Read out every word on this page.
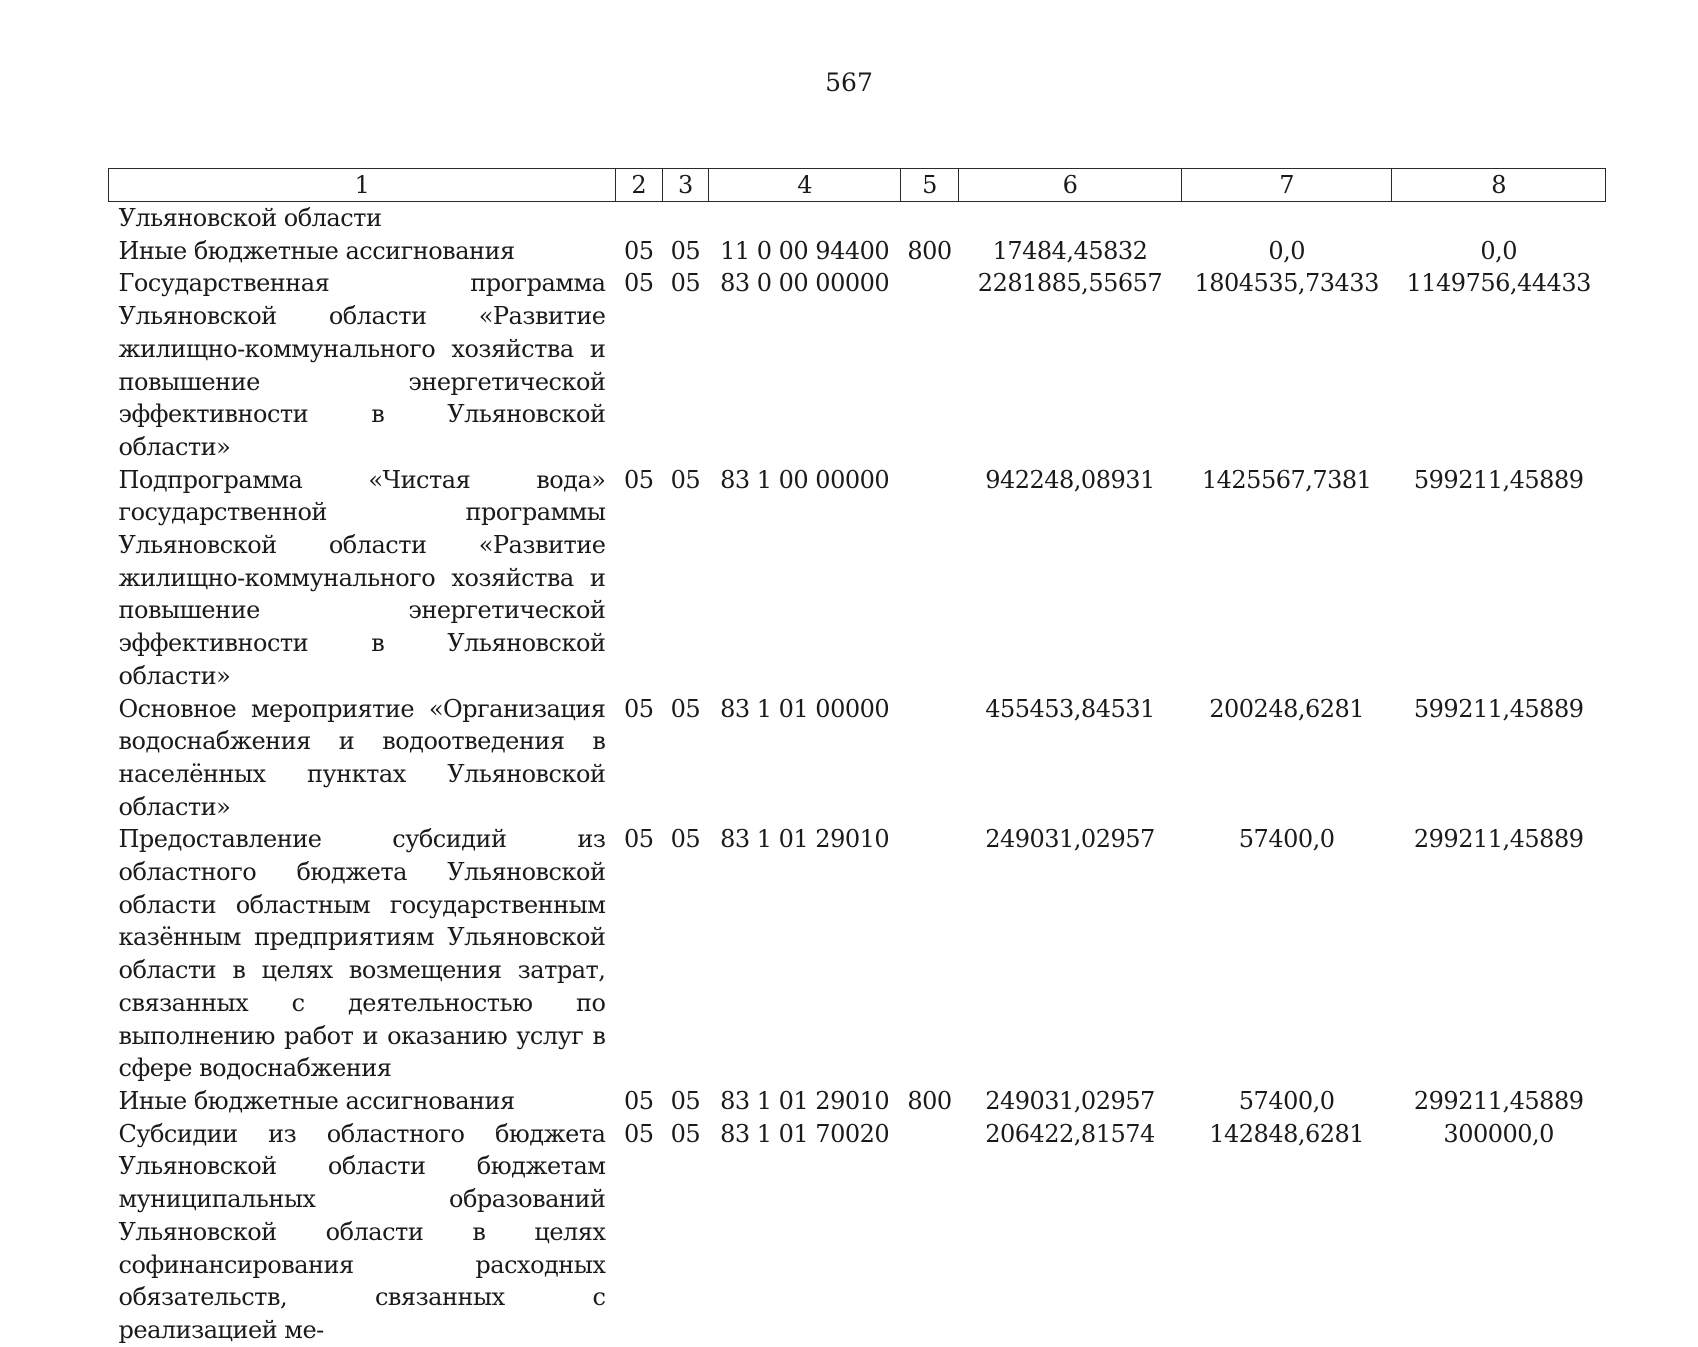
567
1	2	3	4	5	6	7	8
Ульяновской области							
Иные бюджетные ассигнования	05	05	11 0 00 94400	800	17484,45832	0,0	0,0
Государственная программа Ульяновской области «Развитие жилищно-коммунального хозяйства и повышение энергетической эффективности в Ульяновской области»	05	05	83 0 00 00000		2281885,55657	1804535,73433	1149756,44433
Подпрограмма «Чистая вода» государственной программы Ульяновской области «Развитие жилищно-коммунального хозяйства и повышение энергетической эффективности в Ульяновской области»	05	05	83 1 00 00000		942248,08931	1425567,7381	599211,45889
Основное мероприятие «Организация водоснабжения и водоотведения в населённых пунктах Ульяновской области»	05	05	83 1 01 00000		455453,84531	200248,6281	599211,45889
Предоставление субсидий из областного бюджета Ульяновской области областным государственным казённым предприятиям Ульяновской области в целях возмещения затрат, связанных с деятельностью по выполнению работ и оказанию услуг в сфере водоснабжения	05	05	83 1 01 29010		249031,02957	57400,0	299211,45889
Иные бюджетные ассигнования	05	05	83 1 01 29010	800	249031,02957	57400,0	299211,45889
Субсидии из областного бюджета Ульяновской области бюджетам муниципальных образований Ульяновской области в целях софинансирования расходных обязательств, связанных с реализацией ме-	05	05	83 1 01 70020		206422,81574	142848,6281	300000,0
